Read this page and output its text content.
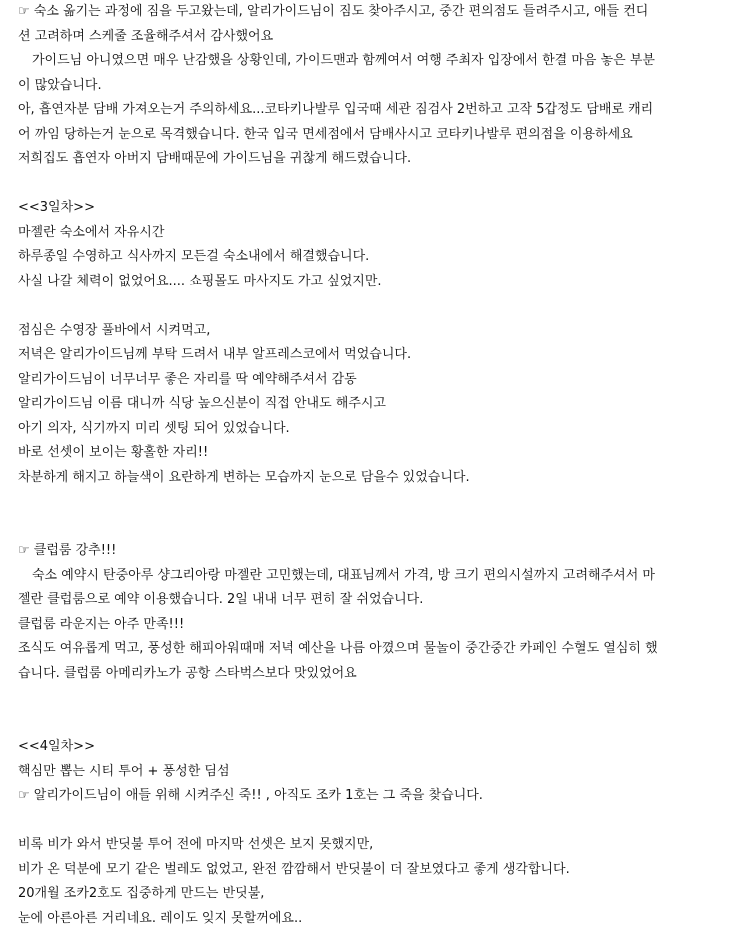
☞ 숙소 옮기는 과정에 짐을 두고왔는데, 알리가이드님이 짐도 찾아주시고, 중간 편의점도 들려주시고, 애들 컨디

션 고려하며 스케줄 조율해주셔서 감사했어요

가이드님 아니였으면 매우 난감했을 상황인데, 가이드맨과 함께여서 여행 주최자 입장에서 한결 마음 놓은 부분

이 많았습니다.

아, 흡연자분 담배 가져오는거 주의하세요...코타키나발루 입국때 세관 짐검사 2번하고 고작 5갑정도 담배로 캐리

어 까임 당하는거 눈으로 목격했습니다. 한국 입국 면세점에서 담배사시고 코타키나발루 편의점을 이용하세요

저희집도 흡연자 아버지 담배때문에 가이드님을 귀찮게 해드렸습니다.

<<3일차>>

마젤란 숙소에서 자유시간

하루종일 수영하고 식사까지 모든걸 숙소내에서 해결했습니다.

사실 나갈 체력이 없었어요.... 쇼핑몰도 마사지도 가고 싶었지만.

점심은 수영장 풀바에서 시켜먹고,

저녁은 알리가이드님께 부탁 드려서 내부 알프레스코에서 먹었습니다.

알리가이드님이 너무너무 좋은 자리를 딱 예약해주셔서 감동

알리가이드님 이름 대니까 식당 높으신분이 직접 안내도 해주시고

아기 의자, 식기까지 미리 셋팅 되어 있었습니다.

바로 선셋이 보이는 황홀한 자리!!

차분하게 해지고 하늘색이 요란하게 변하는 모습까지 눈으로 담을수 있었습니다.

☞ 클럽룸 강추!!!

숙소 예약시 탄중아루 샹그리아랑 마젤란 고민했는데, 대표님께서 가격, 방 크기 편의시설까지 고려해주셔서 마

젤란 클럽룸으로 예약 이용했습니다. 2일 내내 너무 편히 잘 쉬었습니다.

클럽룸 라운지는 아주 만족!!!

조식도 여유롭게 먹고, 풍성한 해피아워때매 저녁 예산을 나름 아꼈으며 물놀이 중간중간 카페인 수혈도 열심히 했

습니다. 클럽룸 아메리카노가 공항 스타벅스보다 맛있었어요

<<4일차>>

핵심만 뽑는 시티 투어 + 풍성한 딤섬

☞ 알리가이드님이 애들 위해 시켜주신 죽!! , 아직도 조카 1호는 그 죽을 찾습니다.

비록 비가 와서 반딧불 투어 전에 마지막 선셋은 보지 못했지만,

비가 온 덕분에 모기 같은 벌레도 없었고, 완전 깜깜해서 반딧불이 더 잘보였다고 좋게 생각합니다.

20개월 조카2호도 집중하게 만드는 반딧불,

눈에 아른아른 거리네요. 레이도 잊지 못할꺼에요..
